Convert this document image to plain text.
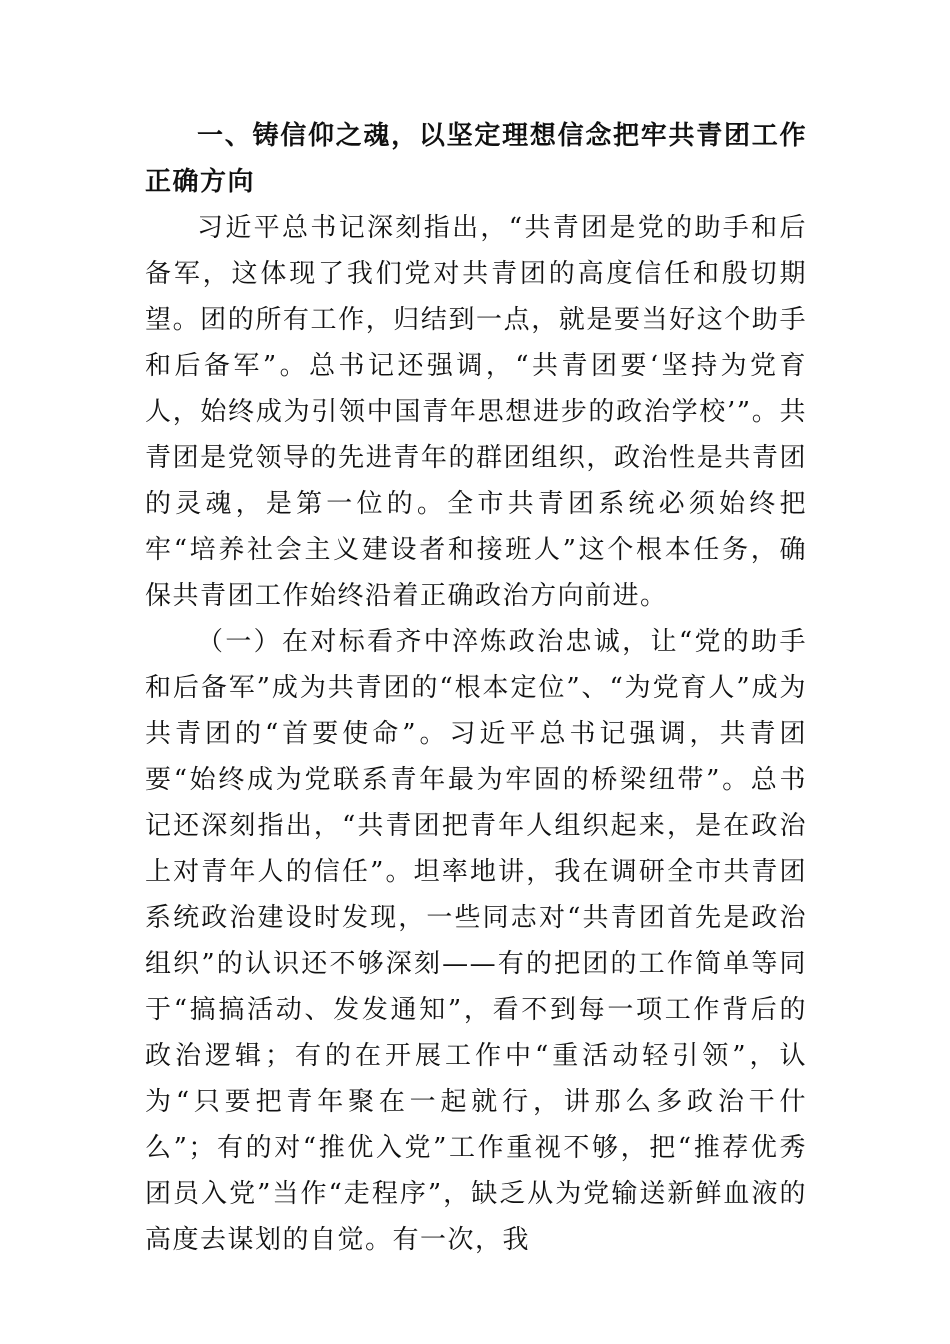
一、铸信仰之魂，以坚定理想信念把牢共青团工作正确方向

习近平总书记深刻指出，“共青团是党的助手和后备军，这体现了我们党对共青团的高度信任和殷切期望。团的所有工作，归结到一点，就是要当好这个助手和后备军”。总书记还强调，“共青团要‘坚持为党育人，始终成为引领中国青年思想进步的政治学校’”。共青团是党领导的先进青年的群团组织，政治性是共青团的灵魂，是第一位的。全市共青团系统必须始终把牢“培养社会主义建设者和接班人”这个根本任务，确保共青团工作始终沿着正确政治方向前进。

（一）在对标看齐中淬炼政治忠诚，让“党的助手和后备军”成为共青团的“根本定位”、“为党育人”成为共青团的“首要使命”。习近平总书记强调，共青团要“始终成为党联系青年最为牢固的桥梁纽带”。总书记还深刻指出，“共青团把青年人组织起来，是在政治上对青年人的信任”。坦率地讲，我在调研全市共青团系统政治建设时发现，一些同志对“共青团首先是政治组织”的认识还不够深刻——有的把团的工作简单等同于“搞搞活动、发发通知”，看不到每一项工作背后的政治逻辑；有的在开展工作中“重活动轻引领”，认为“只要把青年聚在一起就行，讲那么多政治干什么”；有的对“推优入党”工作重视不够，把“推荐优秀团员入党”当作“走程序”，缺乏从为党输送新鲜血液的高度去谋划的自觉。有一次，我
